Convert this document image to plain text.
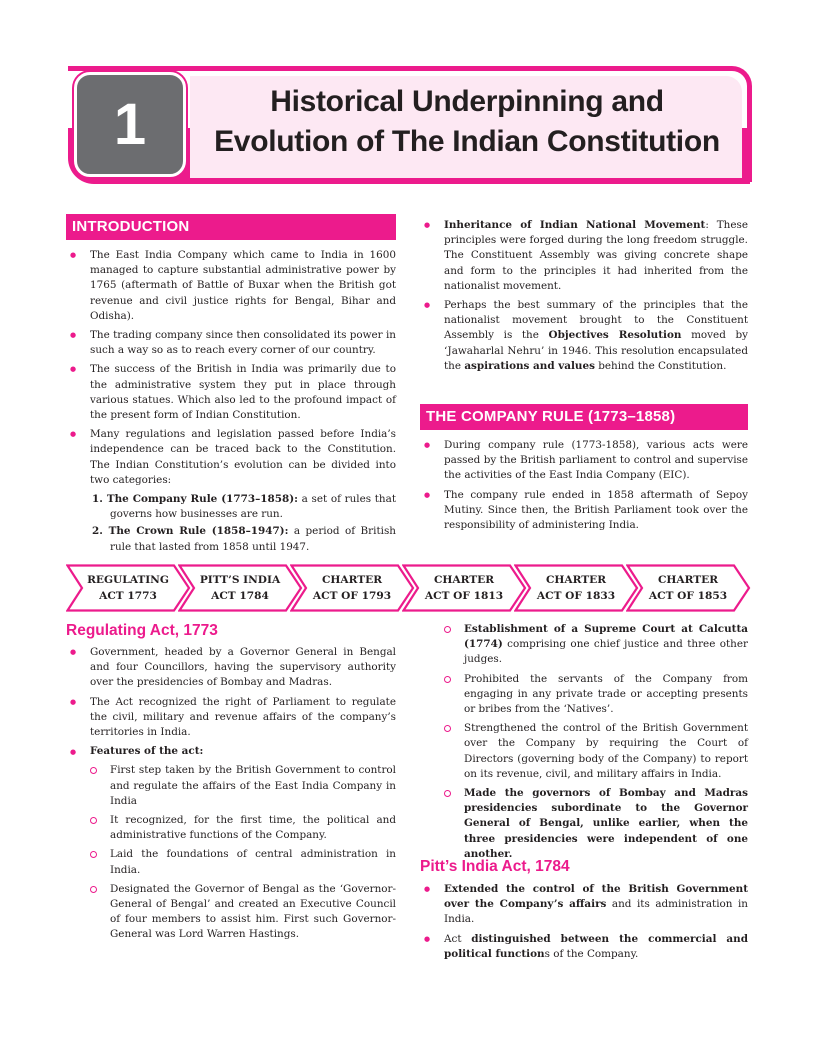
1	Historical Underpinning and
Evolution of The Indian Constitution
INTRODUCTION

● The East India Company which came to India in 1600 managed to capture substantial administrative power by 1765 (aftermath of Battle of Buxar when the British got revenue and civil justice rights for Bengal, Bihar and Odisha).

● The trading company since then consolidated its power in such a way so as to reach every corner of our country.

● The success of the British in India was primarily due to the administrative system they put in place through various statues. Which also led to the profound impact of the present form of Indian Constitution.

● Many regulations and legislation passed before India’s independence can be traced back to the Constitution. The Indian Constitution’s evolution can be divided into two categories:

1. The Company Rule (1773–1858): a set of rules that governs how businesses are run.

2. The Crown Rule (1858–1947): a period of British rule that lasted from 1858 until 1947.

● Inheritance of Indian National Movement: These principles were forged during the long freedom struggle. The Constituent Assembly was giving concrete shape and form to the principles it had inherited from the nationalist movement.

● Perhaps the best summary of the principles that the nationalist movement brought to the Constituent Assembly is the Objectives Resolution moved by ‘Jawaharlal Nehru’ in 1946. This resolution encapsulated the aspirations and values behind the Constitution.

THE COMPANY RULE (1773–1858)

● During company rule (1773-1858), various acts were passed by the British parliament to control and supervise the activities of the East India Company (EIC).

● The company rule ended in 1858 aftermath of Sepoy Mutiny. Since then, the British Parliament took over the responsibility of administering India.

REGULATING
ACT 1773
PITT’S INDIA
ACT 1784
CHARTER
ACT OF 1793
CHARTER
ACT OF 1813
CHARTER
ACT OF 1833
CHARTER
ACT OF 1853
Regulating Act, 1773

● Government, headed by a Governor General in Bengal and four Councillors, having the supervisory authority over the presidencies of Bombay and Madras.

● The Act recognized the right of Parliament to regulate the civil, military and revenue affairs of the company’s territories in India.

● Features of the act:

First step taken by the British Government to control and regulate the affairs of the East India Company in India

It recognized, for the first time, the political and administrative functions of the Company.

Laid the foundations of central administration in India.

Designated the Governor of Bengal as the ‘Governor-General of Bengal’ and created an Executive Council of four members to assist him. First such Governor-General was Lord Warren Hastings.

Establishment of a Supreme Court at Calcutta (1774) comprising one chief justice and three other judges.

Prohibited the servants of the Company from engaging in any private trade or accepting presents or bribes from the ‘Natives’.

Strengthened the control of the British Government over the Company by requiring the Court of Directors (governing body of the Company) to report on its revenue, civil, and military affairs in India.

Made the governors of Bombay and Madras presidencies subordinate to the Governor General of Bengal, unlike earlier, when the three presidencies were independent of one another.

Pitt’s India Act, 1784

● Extended the control of the British Government over the Company’s affairs and its administration in India.

● Act distinguished between the commercial and political functions of the Company.
